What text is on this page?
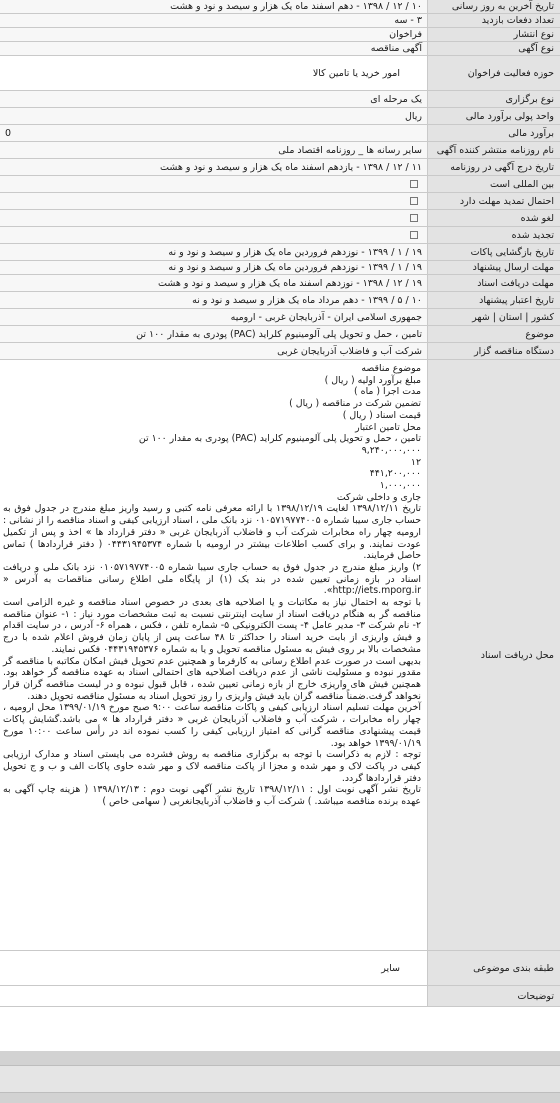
تاریخ آخرین به روز رسانی
۱۰ / ۱۲ / ۱۳۹۸ - دهم اسفند ماه یک هزار و سیصد و نود و هشت
تعداد دفعات بازدید
۳ - سه
نوع انتشار
فراخوان
نوع آگهی
آگهی مناقصه
حوزه فعالیت فراخوان
امور خرید یا تامین کالا
نوع برگزاری
یک مرحله ای
واحد پولی برآورد مالی
ریال
برآورد مالی
0
نام روزنامه منتشر کننده آگهی
سایر رسانه ها _ روزنامه اقتصاد ملی
تاریخ درج آگهی در روزنامه
۱۱ / ۱۲ / ۱۳۹۸ - یازدهم اسفند ماه یک هزار و سیصد و نود و هشت
بین المللی است
احتمال تمدید مهلت دارد
لغو شده
تجدید شده
تاریخ بازگشایی پاکات
۱۹ / ۱ / ۱۳۹۹ - نوزدهم فروردین ماه یک هزار و سیصد و نود و نه
مهلت ارسال پیشنهاد
۱۹ / ۱ / ۱۳۹۹ - نوزدهم فروردین ماه یک هزار و سیصد و نود و نه
مهلت دریافت اسناد
۱۹ / ۱۲ / ۱۳۹۸ - نوزدهم اسفند ماه یک هزار و سیصد و نود و هشت
تاریخ اعتبار پیشنهاد
۱۰ / ۵ / ۱۳۹۹ - دهم مرداد ماه یک هزار و سیصد و نود و نه
کشور | استان | شهر
جمهوری اسلامی ایران - آذربایجان غربی - ارومیه
موضوع
تامین ، حمل و تحویل پلی آلومینیوم کلراید (PAC) پودری به مقدار ۱۰۰ تن
دستگاه مناقصه گزار
شرکت آب و فاضلاب آذربایجان غربی
محل دریافت اسناد
موضوع مناقصه
مبلغ برآورد اولیه ( ریال )
مدت اجرا ( ماه )
تضمین شرکت در مناقصه ( ریال )
قیمت اسناد ( ریال )
محل تامین اعتبار
تامین ، حمل و تحویل پلی آلومینیوم کلراید (PAC) پودری به مقدار ۱۰۰ تن
۹,۲۴۰,۰۰۰,۰۰۰
۱۲
۴۴۱,۲۰۰,۰۰۰
۱,۰۰۰,۰۰۰
جاری و داخلی شرکت
تاریخ ۱۳۹۸/۱۲/۱۱ لغایت ۱۳۹۸/۱۲/۱۹ با ارائه معرفی نامه کتبی و رسید واریز مبلغ مندرج در جدول فوق به حساب جاری سیبا شماره ۰۱۰۵۷۱۹۷۷۴۰۰۵ نزد بانک ملی ، اسناد ارزیابی کیفی و اسناد مناقصه را از نشانی : ارومیه چهار راه مخابرات شرکت آب و فاضلاب آذربایجان غربی « دفتر قرارداد ها » اخذ و پس از تکمیل عودت نمایند. و برای کسب اطلاعات بیشتر در ارومیه با شماره ۰۴۴۳۱۹۴۵۳۷۴ ( دفتر قراردادها ) تماس حاصل فرمایند.
۲) واریز مبلغ مندرج در جدول فوق به حساب جاری سیبا شماره ۰۱۰۵۷۱۹۷۷۴۰۰۵ نزد بانک ملی و دریافت اسناد در بازه زمانی تعیین شده در بند یک (۱) از پایگاه ملی اطلاع رسانی مناقصات به آدرس « http://iets.mporg.ir».
با توجه به احتمال نیاز به مکاتبات و یا اصلاحیه های بعدی در خصوص اسناد مناقصه و غیره الزامی است مناقصه گر به هنگام دریافت اسناد از سایت اینترنتی نسبت به ثبت مشخصات مورد نیاز : ۱- عنوان مناقصه ۲- نام شرکت ۳- مدیر عامل ۴- پست الکترونیکی ۵- شماره تلفن ، فکس ، همراه ۶- آدرس ، در سایت اقدام و فیش واریزی از بابت خرید اسناد را حداکثر تا ۴۸ ساعت پس از پایان زمان فروش اعلام شده با درج مشخصات بالا بر روی فیش به مسئول مناقصه تحویل و یا به شماره ۰۴۴۳۱۹۴۵۳۷۶ فکس نمایند.
بدیهی است در صورت عدم اطلاع رسانی به کارفرما و همچنین عدم تحویل فیش امکان مکاتبه با مناقصه گر مقدور نبوده و مسئولیت ناشی از عدم دریافت اصلاحیه های احتمالی اسناد به عهده مناقصه گر خواهد بود. همچنین فیش های واریزی خارج از بازه زمانی تعیین شده ، قابل قبول نبوده و در لیست مناقصه گران قرار نخواهد گرفت.ضمناً مناقصه گران باید فیش واریزی را روز تحویل اسناد به مسئول مناقصه تحویل دهند.
آخرین مهلت تسلیم اسناد ارزیابی کیفی و پاکات مناقصه ساعت ۹:۰۰ صبح مورخ ۱۳۹۹/۰۱/۱۹ محل ارومیه ، چهار راه مخابرات ، شرکت آب و فاضلاب آذربایجان غربی « دفتر قرارداد ها » می باشد.گشایش پاکات قیمت پیشنهادی مناقصه گرانی که امتیاز ارزیابی کیفی را کسب نموده اند در رأس ساعت ۱۰:۰۰ مورخ ۱۳۹۹/۰۱/۱۹ خواهد بود.
توجه : لازم به ذکراست با توجه به برگزاری مناقصه به روش فشرده می بایستی اسناد و مدارک ارزیابی کیفی در پاکت لاک و مهر شده و مجزا از پاکت مناقصه لاک و مهر شده حاوی پاکات الف و ب و ج تحویل دفتر قراردادها گردد.
تاریخ نشر آگهی نوبت اول : ۱۳۹۸/۱۲/۱۱ تاریخ نشر آگهی نوبت دوم : ۱۳۹۸/۱۲/۱۳ ( هزینه چاپ آگهی به عهده برنده مناقصه میباشد. ) شرکت آب و فاضلاب آذربایجانغربی ( سهامی خاص )
طبقه بندی موضوعی
سایر
توضیحات
